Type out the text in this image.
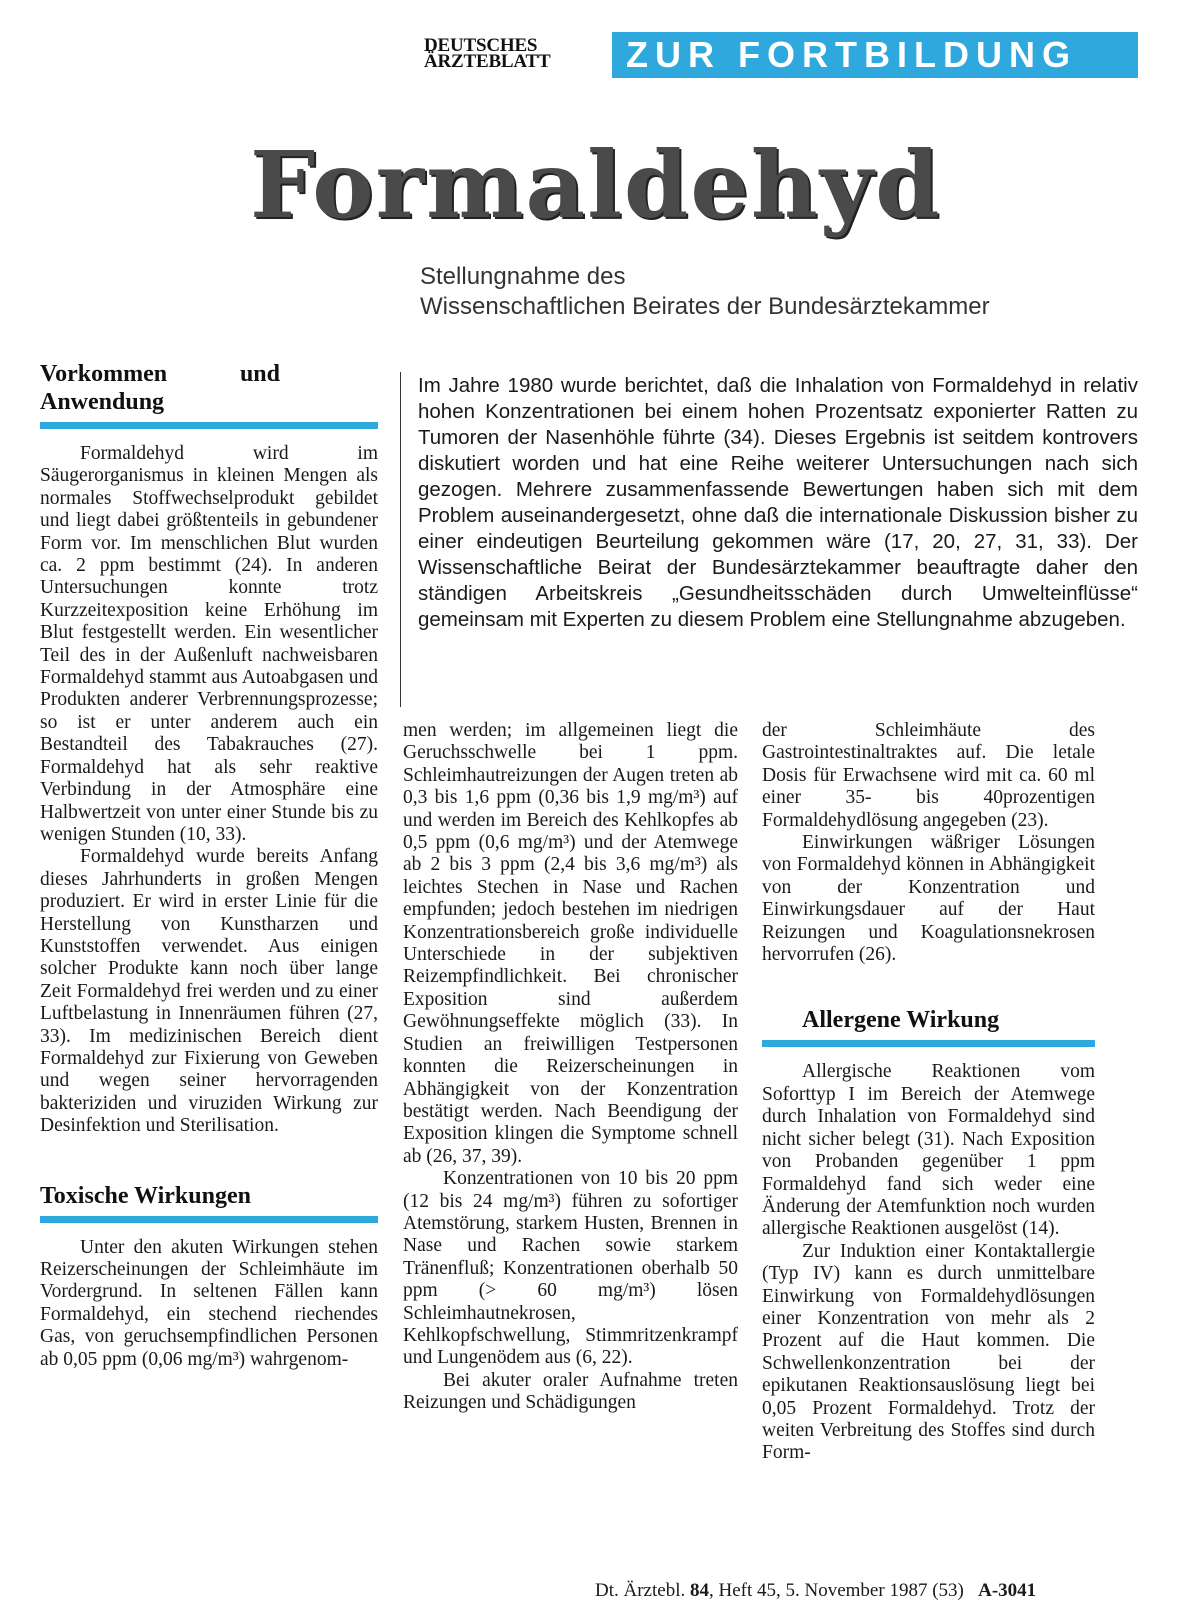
DEUTSCHES
ÄRZTEBLATT	ZUR FORTBILDUNG
Formaldehyd
Stellungnahme des
Wissenschaftlichen Beirates der Bundesärztekammer

Im Jahre 1980 wurde berichtet, daß die Inhalation von Formaldehyd in relativ hohen Konzentrationen bei einem hohen Prozentsatz exponierter Ratten zu Tumoren der Nasenhöhle führte (34). Dieses Ergebnis ist seitdem kontrovers diskutiert worden und hat eine Reihe weiterer Untersuchungen nach sich gezogen. Mehrere zusammenfassende Bewertungen haben sich mit dem Problem auseinandergesetzt, ohne daß die internationale Diskussion bisher zu einer eindeutigen Beurteilung gekommen wäre (17, 20, 27, 31, 33). Der Wissenschaftliche Beirat der Bundesärztekammer beauftragte daher den ständigen Arbeitskreis „Gesundheitsschäden durch Umwelteinflüsse“ gemeinsam mit Experten zu diesem Problem eine Stellungnahme abzugeben.

Vorkommen und Anwendung

Formaldehyd wird im Säugerorganismus in kleinen Mengen als normales Stoffwechselprodukt gebildet und liegt dabei größtenteils in gebundener Form vor. Im menschlichen Blut wurden ca. 2 ppm bestimmt (24). In anderen Untersuchungen konnte trotz Kurzzeitexposition keine Erhöhung im Blut festgestellt werden. Ein wesentlicher Teil des in der Außenluft nachweisbaren Formaldehyd stammt aus Autoabgasen und Produkten anderer Verbrennungsprozesse; so ist er unter anderem auch ein Bestandteil des Tabakrauches (27). Formaldehyd hat als sehr reaktive Verbindung in der Atmosphäre eine Halbwertzeit von unter einer Stunde bis zu wenigen Stunden (10, 33).

Formaldehyd wurde bereits Anfang dieses Jahrhunderts in großen Mengen produziert. Er wird in erster Linie für die Herstellung von Kunstharzen und Kunststoffen verwendet. Aus einigen solcher Produkte kann noch über lange Zeit Formaldehyd frei werden und zu einer Luftbelastung in Innenräumen führen (27, 33). Im medizinischen Bereich dient Formaldehyd zur Fixierung von Geweben und wegen seiner hervorragenden bakteriziden und viruziden Wirkung zur Desinfektion und Sterilisation.

Toxische Wirkungen

Unter den akuten Wirkungen stehen Reizerscheinungen der Schleimhäute im Vordergrund. In seltenen Fällen kann Formaldehyd, ein stechend riechendes Gas, von geruchsempfindlichen Personen ab 0,05 ppm (0,06 mg/m³) wahrgenom-

men werden; im allgemeinen liegt die Geruchsschwelle bei 1 ppm. Schleimhautreizungen der Augen treten ab 0,3 bis 1,6 ppm (0,36 bis 1,9 mg/m³) auf und werden im Bereich des Kehlkopfes ab 0,5 ppm (0,6 mg/m³) und der Atemwege ab 2 bis 3 ppm (2,4 bis 3,6 mg/m³) als leichtes Stechen in Nase und Rachen empfunden; jedoch bestehen im niedrigen Konzentrationsbereich große individuelle Unterschiede in der subjektiven Reizempfindlichkeit. Bei chronischer Exposition sind außerdem Gewöhnungseffekte möglich (33). In Studien an freiwilligen Testpersonen konnten die Reizerscheinungen in Abhängigkeit von der Konzentration bestätigt werden. Nach Beendigung der Exposition klingen die Symptome schnell ab (26, 37, 39).

Konzentrationen von 10 bis 20 ppm (12 bis 24 mg/m³) führen zu sofortiger Atemstörung, starkem Husten, Brennen in Nase und Rachen sowie starkem Tränenfluß; Konzentrationen oberhalb 50 ppm (> 60 mg/m³) lösen Schleimhautnekrosen, Kehlkopfschwellung, Stimmritzenkrampf und Lungenödem aus (6, 22).

Bei akuter oraler Aufnahme treten Reizungen und Schädigungen

der Schleimhäute des Gastrointestinaltraktes auf. Die letale Dosis für Erwachsene wird mit ca. 60 ml einer 35- bis 40prozentigen Formaldehydlösung angegeben (23).

Einwirkungen wäßriger Lösungen von Formaldehyd können in Abhängigkeit von der Konzentration und Einwirkungsdauer auf der Haut Reizungen und Koagulationsnekrosen hervorrufen (26).

Allergene Wirkung

Allergische Reaktionen vom Soforttyp I im Bereich der Atemwege durch Inhalation von Formaldehyd sind nicht sicher belegt (31). Nach Exposition von Probanden gegenüber 1 ppm Formaldehyd fand sich weder eine Änderung der Atemfunktion noch wurden allergische Reaktionen ausgelöst (14).

Zur Induktion einer Kontaktallergie (Typ IV) kann es durch unmittelbare Einwirkung von Formaldehydlösungen einer Konzentration von mehr als 2 Prozent auf die Haut kommen. Die Schwellenkonzentration bei der epikutanen Reaktionsauslösung liegt bei 0,05 Prozent Formaldehyd. Trotz der weiten Verbreitung des Stoffes sind durch Form-

Dt. Ärztebl. 84, Heft 45, 5. November 1987 (53) A-3041
